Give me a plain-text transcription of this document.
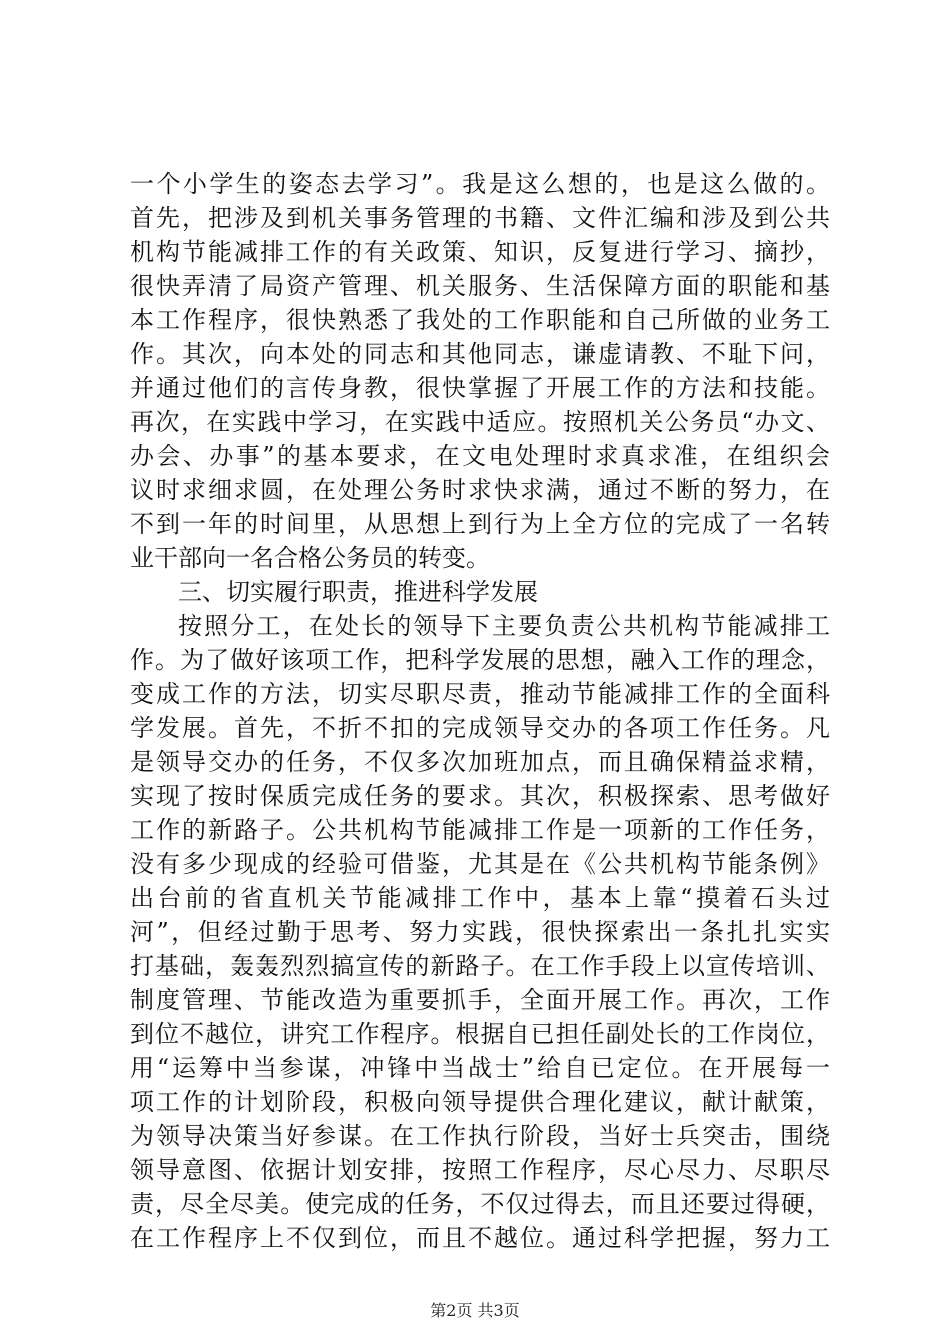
一个小学生的姿态去学习”。我是这么想的，也是这么做的。
首先，把涉及到机关事务管理的书籍、文件汇编和涉及到公共
机构节能减排工作的有关政策、知识，反复进行学习、摘抄，
很快弄清了局资产管理、机关服务、生活保障方面的职能和基
本工作程序，很快熟悉了我处的工作职能和自己所做的业务工
作。其次，向本处的同志和其他同志，谦虚请教、不耻下问，
并通过他们的言传身教，很快掌握了开展工作的方法和技能。
再次，在实践中学习，在实践中适应。按照机关公务员“办文、
办会、办事”的基本要求，在文电处理时求真求准，在组织会
议时求细求圆，在处理公务时求快求满，通过不断的努力，在
不到一年的时间里，从思想上到行为上全方位的完成了一名转
业干部向一名合格公务员的转变。
三、切实履行职责，推进科学发展
按照分工，在处长的领导下主要负责公共机构节能减排工
作。为了做好该项工作，把科学发展的思想，融入工作的理念，
变成工作的方法，切实尽职尽责，推动节能减排工作的全面科
学发展。首先，不折不扣的完成领导交办的各项工作任务。凡
是领导交办的任务，不仅多次加班加点，而且确保精益求精，
实现了按时保质完成任务的要求。其次，积极探索、思考做好
工作的新路子。公共机构节能减排工作是一项新的工作任务，
没有多少现成的经验可借鉴，尤其是在《公共机构节能条例》
出台前的省直机关节能减排工作中，基本上靠“摸着石头过
河”，但经过勤于思考、努力实践，很快探索出一条扎扎实实
打基础，轰轰烈烈搞宣传的新路子。在工作手段上以宣传培训、
制度管理、节能改造为重要抓手，全面开展工作。再次，工作
到位不越位，讲究工作程序。根据自已担任副处长的工作岗位，
用“运筹中当参谋，冲锋中当战士”给自已定位。在开展每一
项工作的计划阶段，积极向领导提供合理化建议，献计献策，
为领导决策当好参谋。在工作执行阶段，当好士兵突击，围绕
领导意图、依据计划安排，按照工作程序，尽心尽力、尽职尽
责，尽全尽美。使完成的任务，不仅过得去，而且还要过得硬，
在工作程序上不仅到位，而且不越位。通过科学把握，努力工
第2页 共3页
